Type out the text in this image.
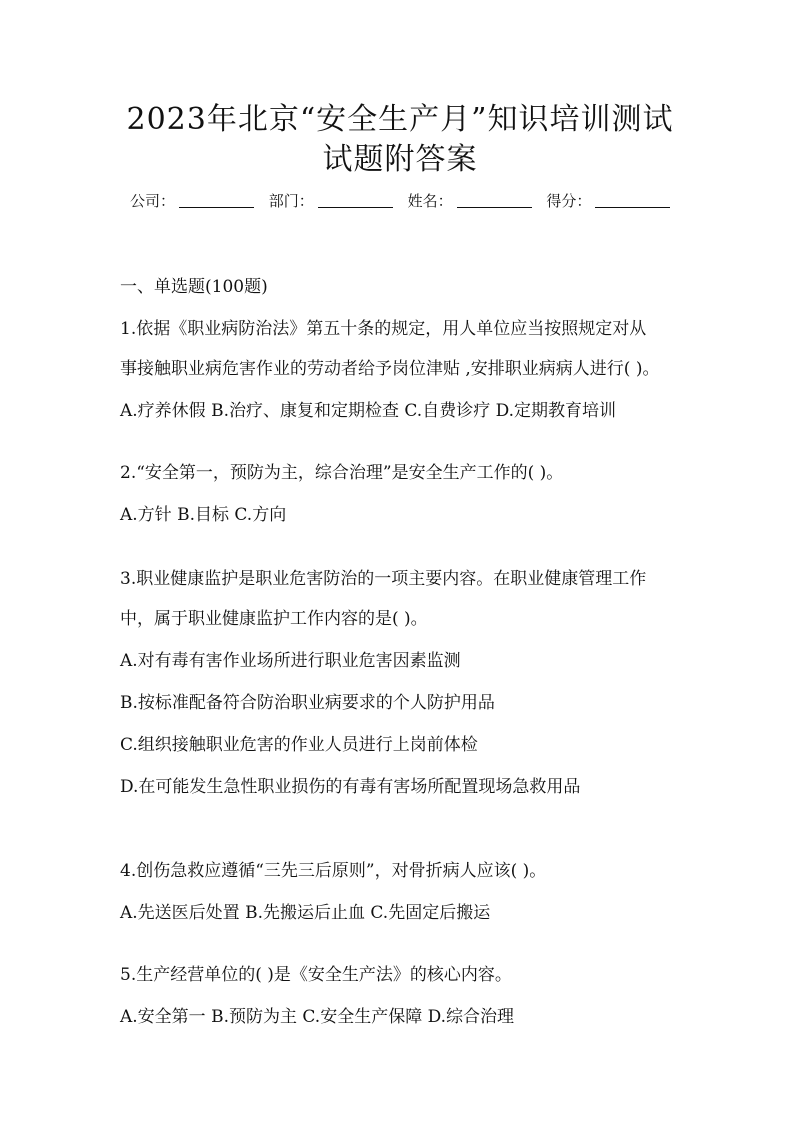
2023年北京“安全生产月”知识培训测试
试题附答案
公司：	部门：	姓名：	得分：
一、单选题(100题)
1.依据《职业病防治法》第五十条的规定，用人单位应当按照规定对从
事接触职业病危害作业的劳动者给予岗位津贴 ,安排职业病病人进行( )。
A.疗养休假 B.治疗、康复和定期检查 C.自费诊疗 D.定期教育培训
2.“安全第一，预防为主，综合治理”是安全生产工作的( )。
A.方针 B.目标 C.方向
3.职业健康监护是职业危害防治的一项主要内容。在职业健康管理工作
中，属于职业健康监护工作内容的是( )。
A.对有毒有害作业场所进行职业危害因素监测
B.按标准配备符合防治职业病要求的个人防护用品
C.组织接触职业危害的作业人员进行上岗前体检
D.在可能发生急性职业损伤的有毒有害场所配置现场急救用品
4.创伤急救应遵循“三先三后原则”，对骨折病人应该( )。
A.先送医后处置 B.先搬运后止血 C.先固定后搬运
5.生产经营单位的( )是《安全生产法》的核心内容。
A.安全第一 B.预防为主 C.安全生产保障 D.综合治理
